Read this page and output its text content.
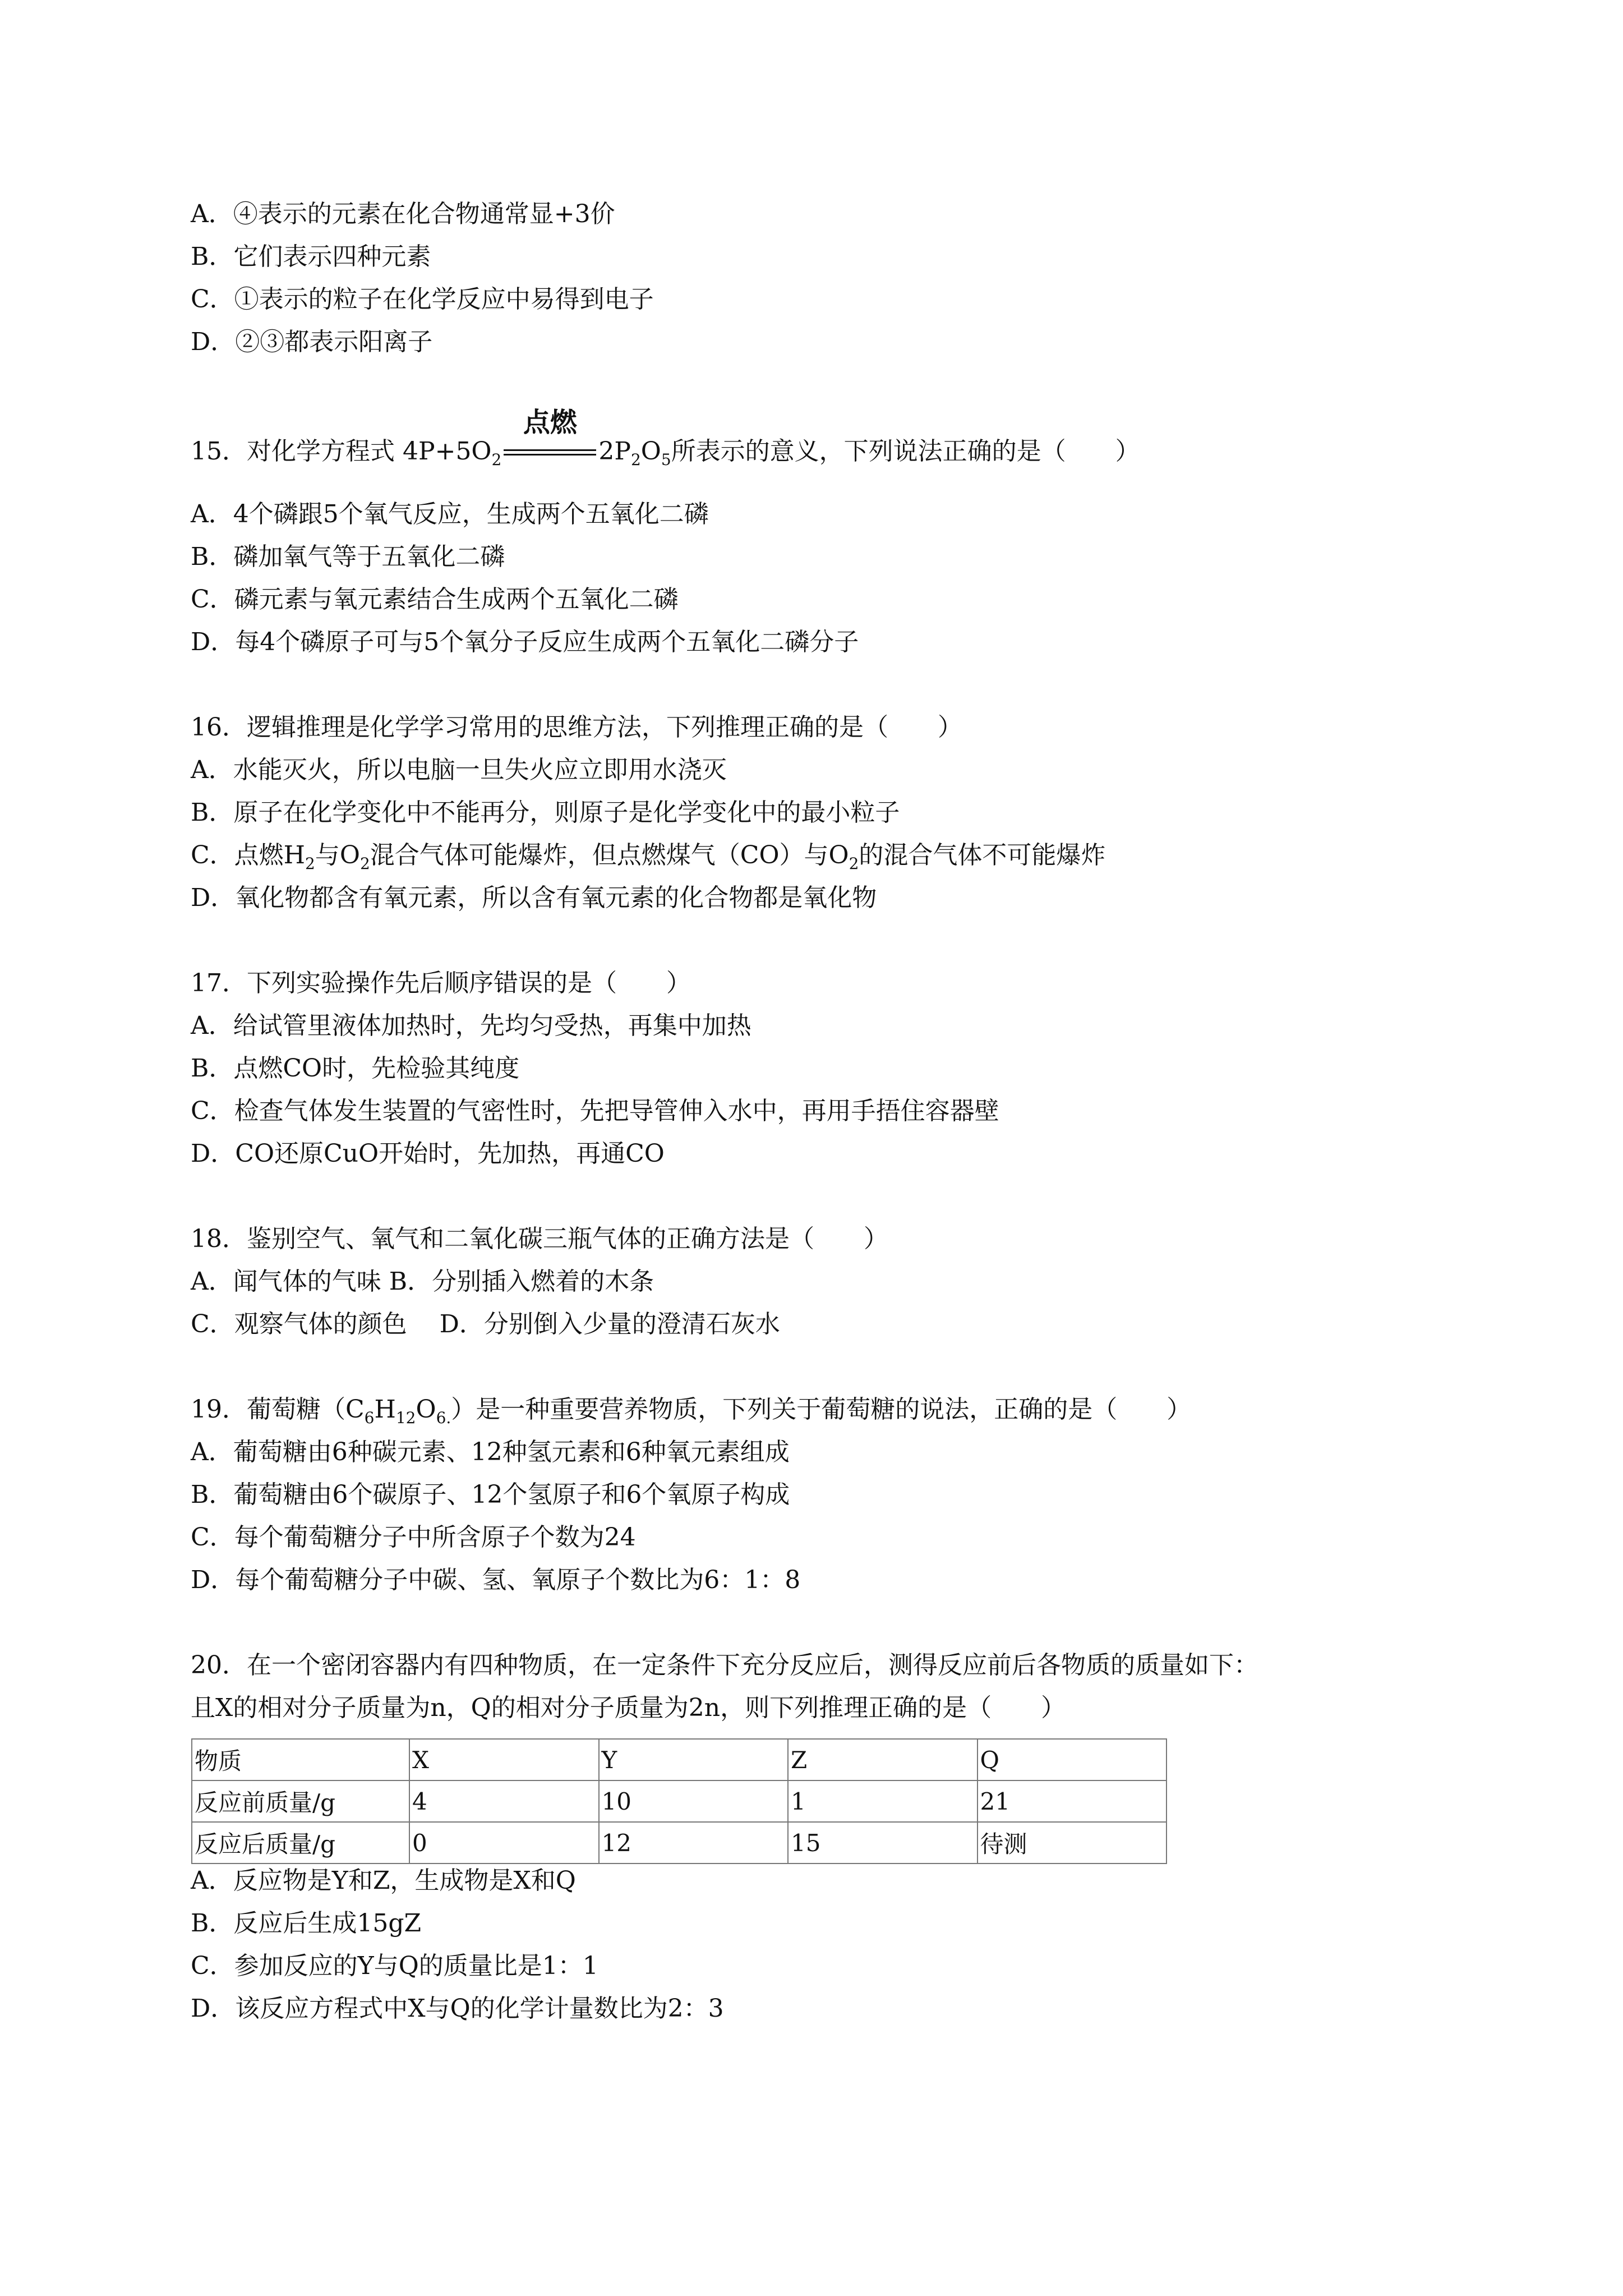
A．④表示的元素在化合物通常显+3价
B．它们表示四种元素
C．①表示的粒子在化学反应中易得到电子
D．②③都表示阳离子
15．对化学方程式 $4P+5O_2$
点燃
$2P_2O_5$所表示的意义，下列说法正确的是（　　）
A．4个磷跟5个氧气反应，生成两个五氧化二磷
B．磷加氧气等于五氧化二磷
C．磷元素与氧元素结合生成两个五氧化二磷
D．每4个磷原子可与5个氧分子反应生成两个五氧化二磷分子
16．逻辑推理是化学学习常用的思维方法，下列推理正确的是（　　）
A．水能灭火，所以电脑一旦失火应立即用水浇灭
B．原子在化学变化中不能再分，则原子是化学变化中的最小粒子
C．点燃$H_2$与$O_2$混合气体可能爆炸，但点燃煤气（CO）与$O_2$的混合气体不可能爆炸
D．氧化物都含有氧元素，所以含有氧元素的化合物都是氧化物
17．下列实验操作先后顺序错误的是（　　）
A．给试管里液体加热时，先均匀受热，再集中加热
B．点燃CO时，先检验其纯度
C．检查气体发生装置的气密性时，先把导管伸入水中，再用手捂住容器壁
D．CO还原CuO开始时，先加热，再通CO
18．鉴别空气、氧气和二氧化碳三瓶气体的正确方法是（　　）
A．闻气体的气味 B．分别插入燃着的木条
C．观察气体的颜色　 D．分别倒入少量的澄清石灰水
19．葡萄糖$(C_6H_{12}O_{6.})$是一种重要营养物质，下列关于葡萄糖的说法，正确的是（　　）
A．葡萄糖由6种碳元素、12种氢元素和6种氧元素组成
B．葡萄糖由6个碳原子、12个氢原子和6个氧原子构成
C．每个葡萄糖分子中所含原子个数为24
D．每个葡萄糖分子中碳、氢、氧原子个数比为6：1：8
20．在一个密闭容器内有四种物质，在一定条件下充分反应后，测得反应前后各物质的质量如下：
且X的相对分子质量为n，Q的相对分子质量为2n，则下列推理正确的是（　　）
物质	X	Y	Z	Q
反应前质量/g	4	10	1	21
反应后质量/g	0	12	15	待测
A．反应物是Y和Z，生成物是X和Q
B．反应后生成15gZ
C．参加反应的Y与Q的质量比是1：1
D．该反应方程式中X与Q的化学计量数比为2：3
